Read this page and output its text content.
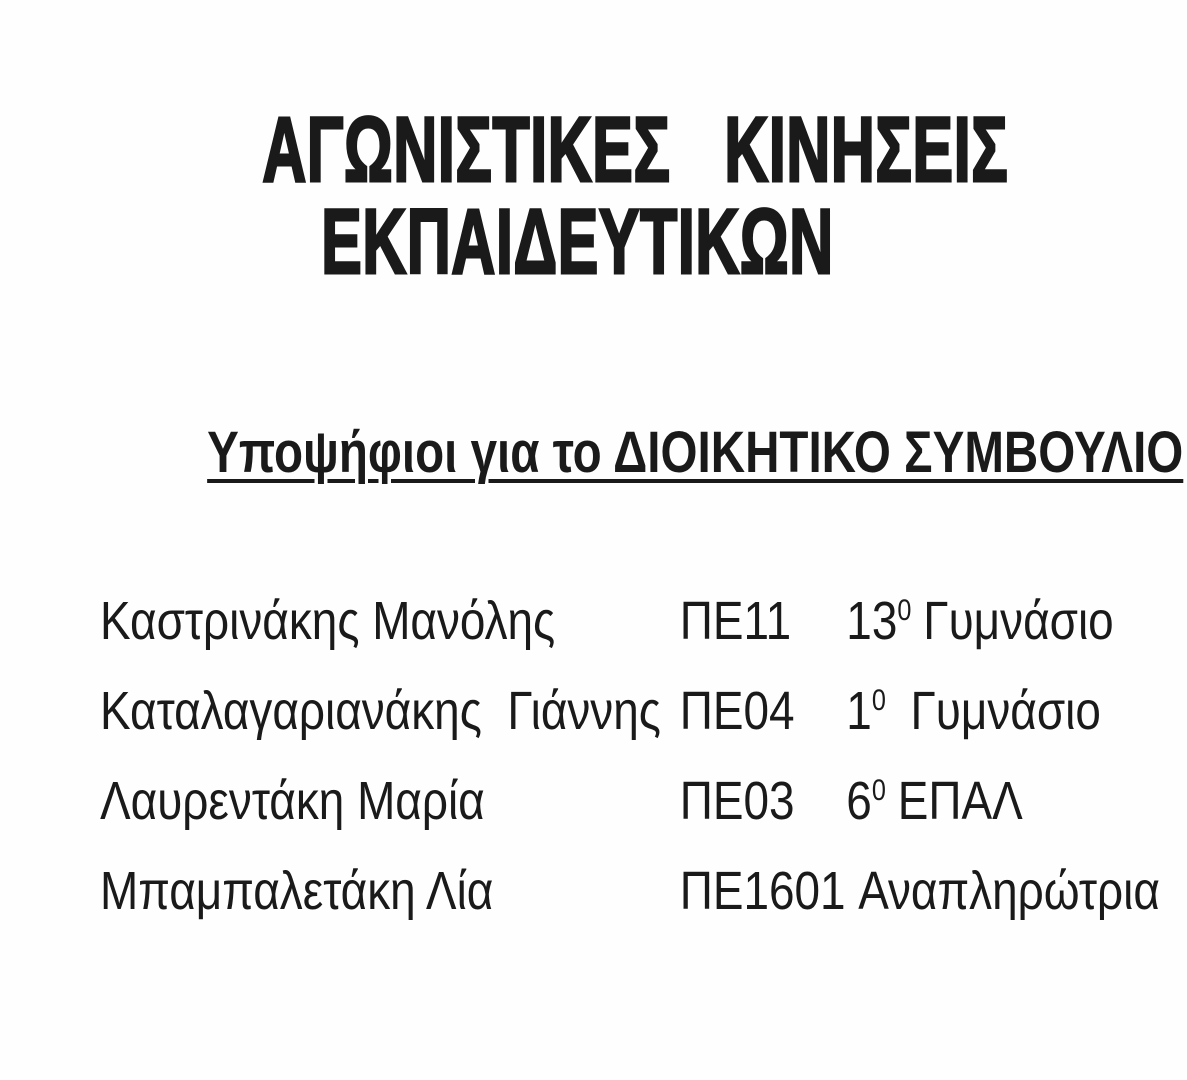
ΑΓΩΝΙΣΤΙΚΕΣ ΚΙΝΗΣΕΙΣ
ΕΚΠΑΙΔΕΥΤΙΚΩΝ
Υποψήφιοι για το ΔΙΟΙΚΗΤΙΚΟ ΣΥΜΒΟΥΛΙΟ
Καστρινάκης Μανόλης	ΠΕ11	$13^0$ Γυμνάσιο
Καταλαγαριανάκης  Γιάννης ΠΕ04 $1^0$ Γυμνάσιο
Λαυρεντάκη Μαρία	ΠΕ03 $6^0$ ΕΠΑΛ
Μπαμπαλετάκη Λία	ΠΕ1601 Αναπληρώτρια
